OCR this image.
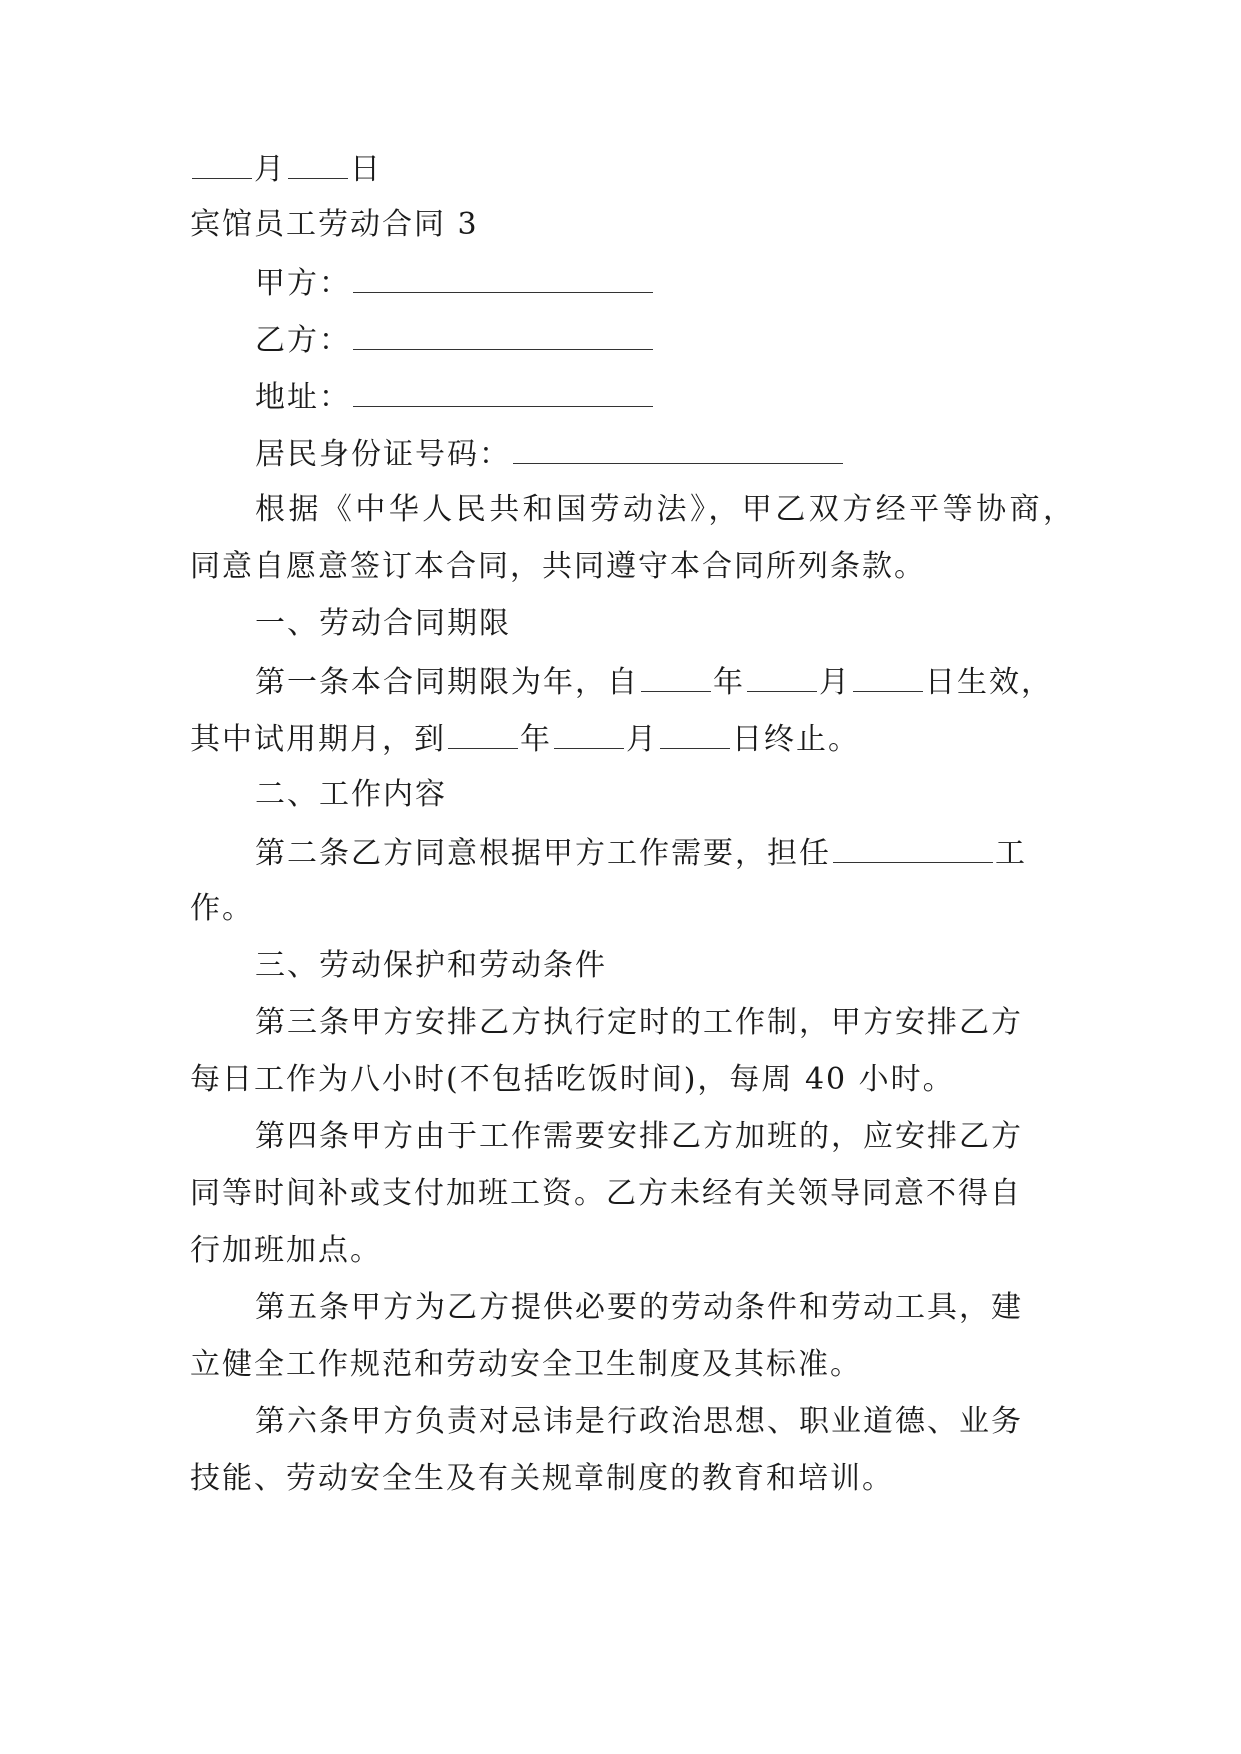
月 日
宾馆员工劳动合同 3
甲方：
乙方：
地址：
居民身份证号码：
根据《中华人民共和国劳动法》，甲乙双方经平等协商，
同意自愿意签订本合同，共同遵守本合同所列条款。
一、劳动合同期限
第一条本合同期限为年，自 年 月 日生效，
其中试用期月，到 年 月 日终止。
二、工作内容
第二条乙方同意根据甲方工作需要，担任	工
作。
三、劳动保护和劳动条件
第三条甲方安排乙方执行定时的工作制，甲方安排乙方
每日工作为八小时(不包括吃饭时间)，每周 40 小时。
第四条甲方由于工作需要安排乙方加班的，应安排乙方
同等时间补或支付加班工资。乙方未经有关领导同意不得自
行加班加点。
第五条甲方为乙方提供必要的劳动条件和劳动工具，建
立健全工作规范和劳动安全卫生制度及其标准。
第六条甲方负责对忌讳是行政治思想、职业道德、业务
技能、劳动安全生及有关规章制度的教育和培训。
